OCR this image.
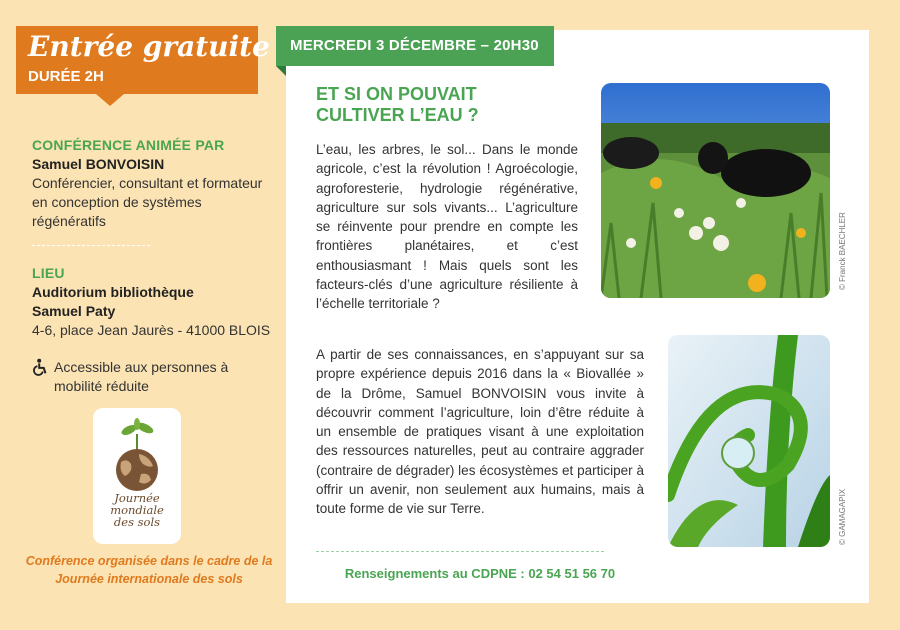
Entrée gratuite
DURÉE 2H
CONFÉRENCE ANIMÉE PAR
Samuel BONVOISIN
Conférencier, consultant et formateur en conception de systèmes régénératifs
LIEU
Auditorium bibliothèque
Samuel Paty
4-6, place Jean Jaurès - 41000 BLOIS
Accessible aux personnes à mobilité réduite
Journée
mondiale
des sols
Conférence organisée dans le cadre de la Journée internationale des sols
MERCREDI 3 DÉCEMBRE – 20H30
ET SI ON POUVAIT
CULTIVER L’EAU ?
L’eau, les arbres, le sol... Dans le monde agricole, c’est la révolution ! Agroécologie, agroforesterie, hydrologie régénérative, agriculture sur sols vivants... L’agriculture se réinvente pour prendre en compte les frontières planétaires, et c’est enthousiasmant ! Mais quels sont les facteurs-clés d’une agriculture résiliente à l’échelle territoriale ?
A partir de ses connaissances, en s’appuyant sur sa propre expérience depuis 2016 dans la « Biovallée » de la Drôme, Samuel BONVOISIN vous invite à découvrir comment l’agriculture, loin d’être réduite à un ensemble de pratiques visant à une exploitation des ressources naturelles, peut au contraire aggrader (contraire de dégrader) les écosystèmes et participer à offrir un avenir, non seulement aux humains, mais à toute forme de vie sur Terre.
© Franck BAECHLER
© GAMAGAPIX
Renseignements au CDPNE : 02 54 51 56 70
